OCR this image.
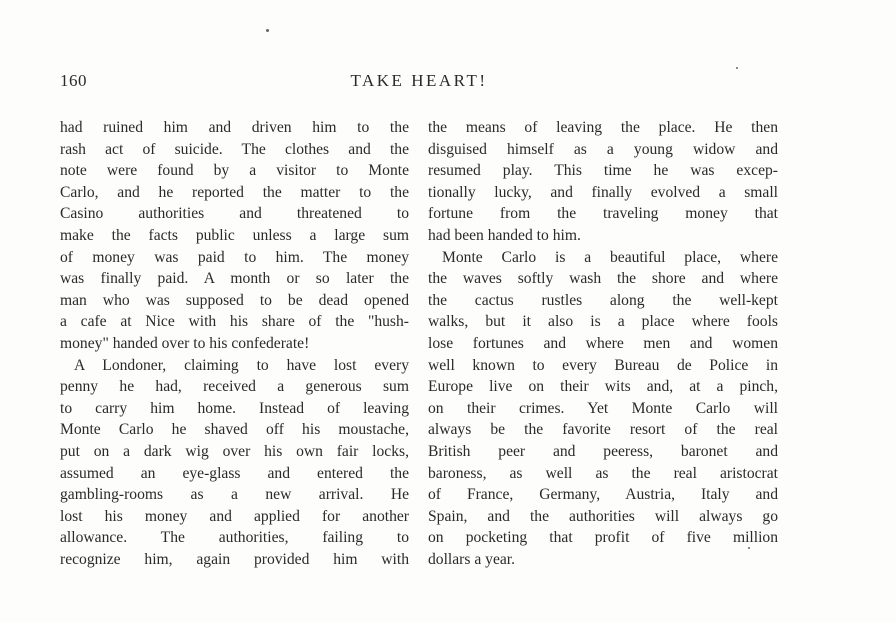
160	TAKE HEART!
had ruined him and driven him to the
rash act of suicide. The clothes and the
note were found by a visitor to Monte
Carlo, and he reported the matter to the
Casino authorities and threatened to
make the facts public unless a large sum
of money was paid to him. The money
was finally paid. A month or so later the
man who was supposed to be dead opened
a cafe at Nice with his share of the "hush-
money" handed over to his confederate!
A Londoner, claiming to have lost every
penny he had, received a generous sum
to carry him home. Instead of leaving
Monte Carlo he shaved off his moustache,
put on a dark wig over his own fair locks,
assumed an eye-glass and entered the
gambling-rooms as a new arrival. He
lost his money and applied for another
allowance. The authorities, failing to
recognize him, again provided him with
the means of leaving the place. He then
disguised himself as a young widow and
resumed play. This time he was excep-
tionally lucky, and finally evolved a small
fortune from the traveling money that
had been handed to him.
Monte Carlo is a beautiful place, where
the waves softly wash the shore and where
the cactus rustles along the well-kept
walks, but it also is a place where fools
lose fortunes and where men and women
well known to every Bureau de Police in
Europe live on their wits and, at a pinch,
on their crimes. Yet Monte Carlo will
always be the favorite resort of the real
British peer and peeress, baronet and
baroness, as well as the real aristocrat
of France, Germany, Austria, Italy and
Spain, and the authorities will always go
on pocketing that profit of five million
dollars a year.
